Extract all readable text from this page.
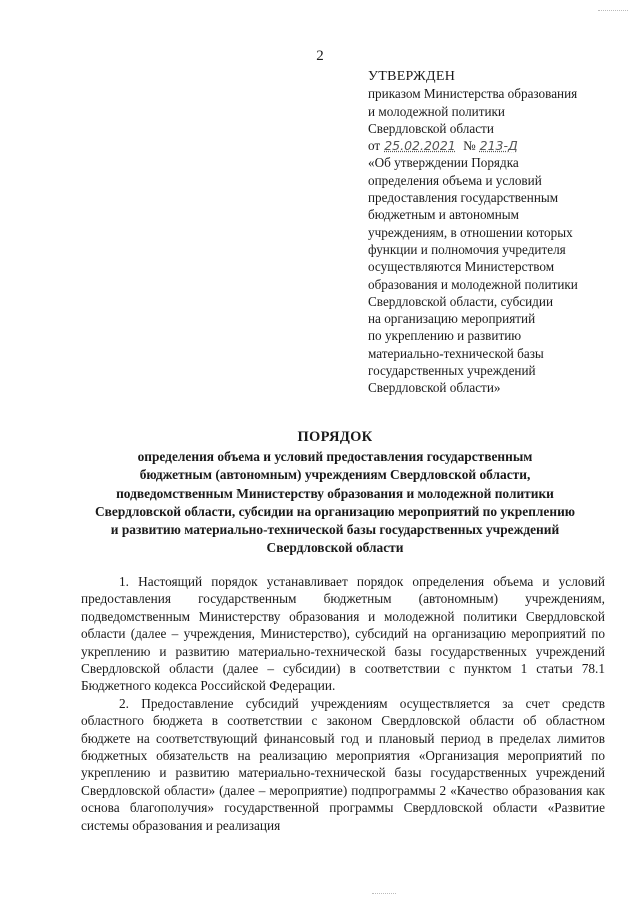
2
УТВЕРЖДЕН
приказом Министерства образования
и молодежной политики
Свердловской области
от 25.02.2021 № 213-Д
«Об утверждении Порядка
определения объема и условий
предоставления государственным
бюджетным и автономным
учреждениям, в отношении которых
функции и полномочия учредителя
осуществляются Министерством
образования и молодежной политики
Свердловской области, субсидии
на организацию мероприятий
по укреплению и развитию
материально-технической базы
государственных учреждений
Свердловской области»
ПОРЯДОК
определения объема и условий предоставления государственным
бюджетным (автономным) учреждениям Свердловской области,
подведомственным Министерству образования и молодежной политики
Свердловской области, субсидии на организацию мероприятий по укреплению
и развитию материально-технической базы государственных учреждений
Свердловской области

1. Настоящий порядок устанавливает порядок определения объема и условий предоставления государственным бюджетным (автономным) учреждениям, подведомственным Министерству образования и молодежной политики Свердловской области (далее – учреждения, Министерство), субсидий на организацию мероприятий по укреплению и развитию материально-технической базы государственных учреждений Свердловской области (далее – субсидии) в соответствии с пунктом 1 статьи 78.1 Бюджетного кодекса Российской Федерации.

2. Предоставление субсидий учреждениям осуществляется за счет средств областного бюджета в соответствии с законом Свердловской области об областном бюджете на соответствующий финансовый год и плановый период в пределах лимитов бюджетных обязательств на реализацию мероприятия «Организация мероприятий по укреплению и развитию материально-технической базы государственных учреждений Свердловской области» (далее – мероприятие) подпрограммы 2 «Качество образования как основа благополучия» государственной программы Свердловской области «Развитие системы образования и реализация
